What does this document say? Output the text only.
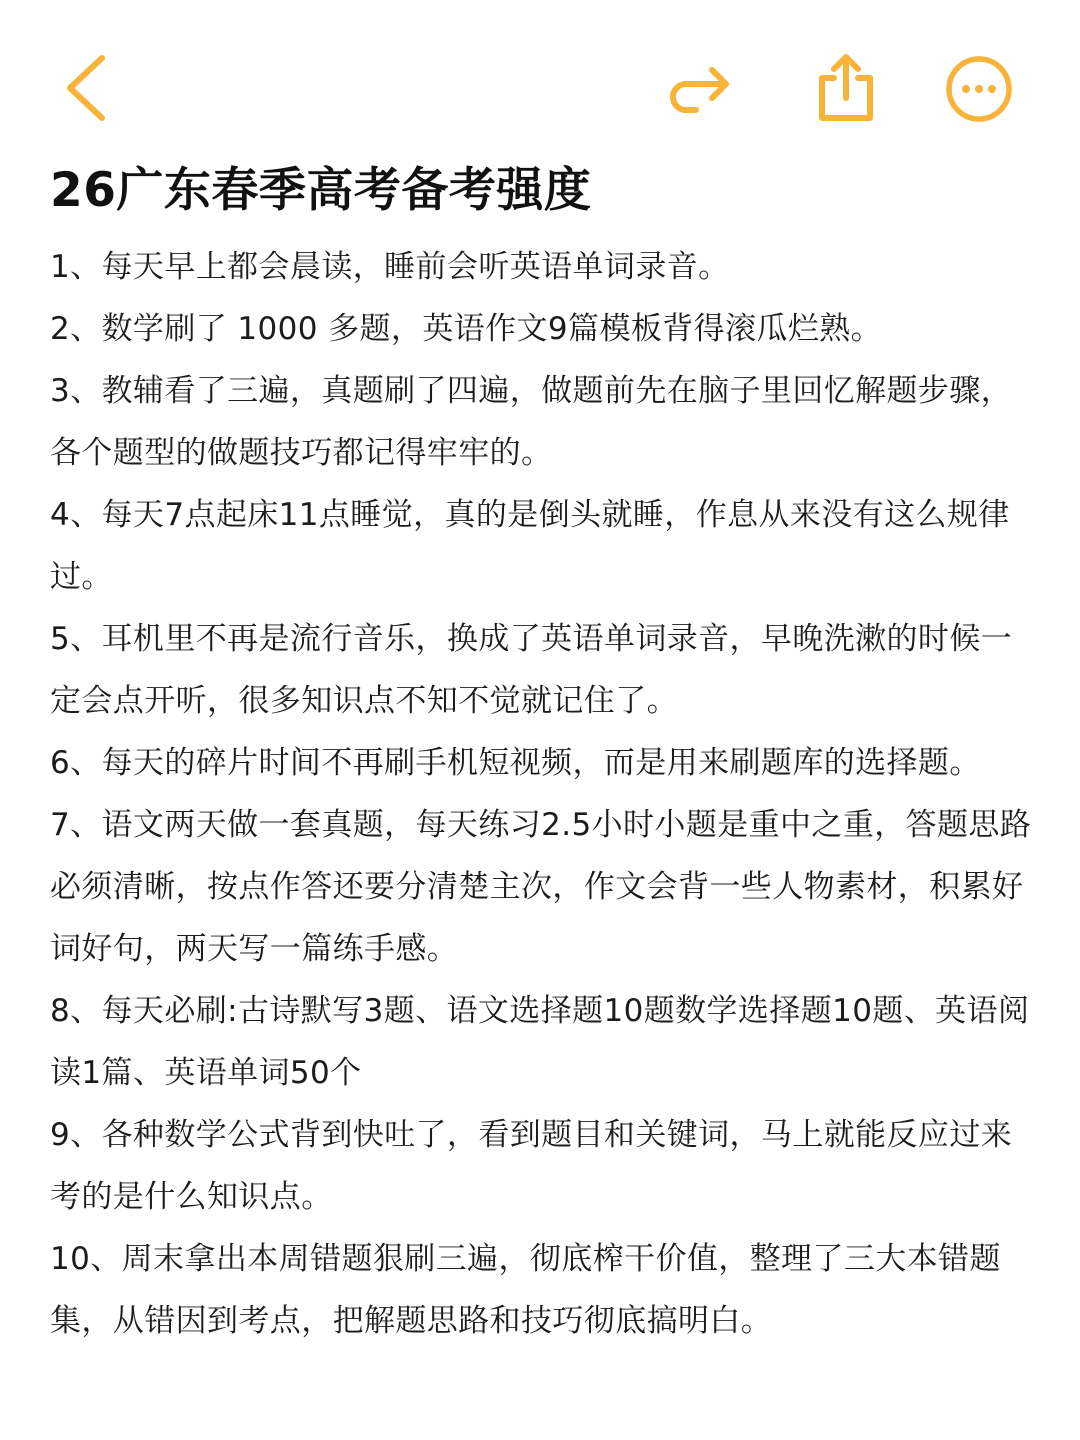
26广东春季高考备考强度

1、每天早上都会晨读，睡前会听英语单词录音。

2、数学刷了 1000 多题，英语作文9篇模板背得滚瓜烂熟。

3、教辅看了三遍，真题刷了四遍，做题前先在脑子里回忆解题步骤，各个题型的做题技巧都记得牢牢的。

4、每天7点起床11点睡觉，真的是倒头就睡，作息从来没有这么规律过。

5、耳机里不再是流行音乐，换成了英语单词录音，早晚洗漱的时候一定会点开听，很多知识点不知不觉就记住了。

6、每天的碎片时间不再刷手机短视频，而是用来刷题库的选择题。

7、语文两天做一套真题，每天练习2.5小时小题是重中之重，答题思路必须清晰，按点作答还要分清楚主次，作文会背一些人物素材，积累好词好句，两天写一篇练手感。

8、每天必刷:古诗默写3题、语文选择题10题数学选择题10题、英语阅读1篇、英语单词50个

9、各种数学公式背到快吐了，看到题目和关键词，马上就能反应过来考的是什么知识点。

10、周末拿出本周错题狠刷三遍，彻底榨干价值，整理了三大本错题集，从错因到考点，把解题思路和技巧彻底搞明白。
